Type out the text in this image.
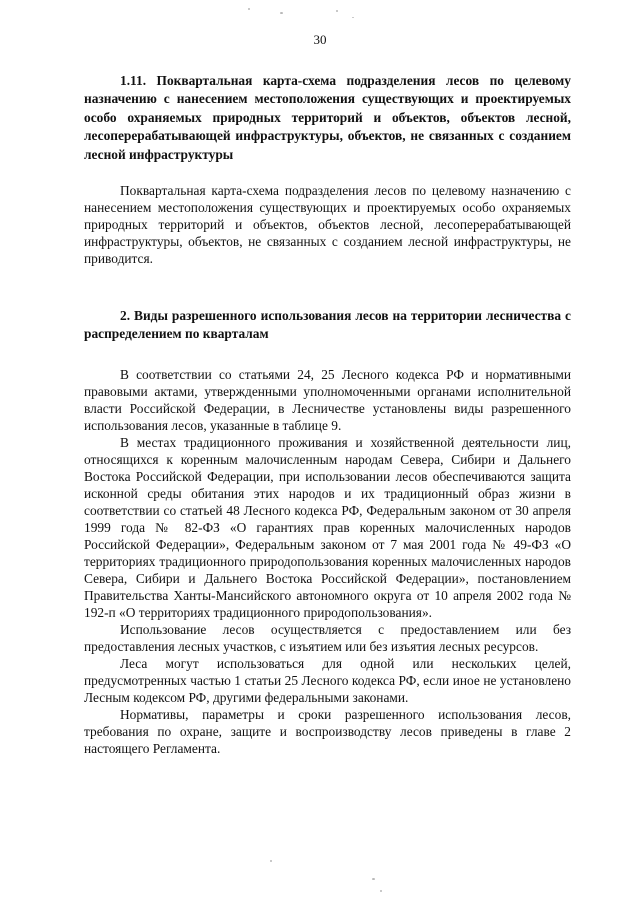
30

1.11. Поквартальная карта-схема подразделения лесов по целевому назначению с нанесением местоположения существующих и проектируемых особо охраняемых природных территорий и объектов, объектов лесной, лесоперерабатывающей инфраструктуры, объектов, не связанных с созданием лесной инфраструктуры

Поквартальная карта-схема подразделения лесов по целевому назначению с нанесением местоположения существующих и проектируемых особо охраняемых природных территорий и объектов, объектов лесной, лесоперерабатывающей инфраструктуры, объектов, не связанных с созданием лесной инфраструктуры, не приводится.

2. Виды разрешенного использования лесов на территории лесничества с распределением по кварталам

В соответствии со статьями 24, 25 Лесного кодекса РФ и нормативными правовыми актами, утвержденными уполномоченными органами исполнительной власти Российской Федерации, в Лесничестве установлены виды разрешенного использования лесов, указанные в таблице 9.

В местах традиционного проживания и хозяйственной деятельности лиц, относящихся к коренным малочисленным народам Севера, Сибири и Дальнего Востока Российской Федерации, при использовании лесов обеспечиваются защита исконной среды обитания этих народов и их традиционный образ жизни в соответствии со статьей 48 Лесного кодекса РФ, Федеральным законом от 30 апреля 1999 года № 82-ФЗ «О гарантиях прав коренных малочисленных народов Российской Федерации», Федеральным законом от 7 мая 2001 года № 49-ФЗ «О территориях традиционного природопользования коренных малочисленных народов Севера, Сибири и Дальнего Востока Российской Федерации», постановлением Правительства Ханты-Мансийского автономного округа от 10 апреля 2002 года № 192-п «О территориях традиционного природопользования».

Использование лесов осуществляется с предоставлением или без предоставления лесных участков, с изъятием или без изъятия лесных ресурсов.

Леса могут использоваться для одной или нескольких целей, предусмотренных частью 1 статьи 25 Лесного кодекса РФ, если иное не установлено Лесным кодексом РФ, другими федеральными законами.

Нормативы, параметры и сроки разрешенного использования лесов, требования по охране, защите и воспроизводству лесов приведены в главе 2 настоящего Регламента.
